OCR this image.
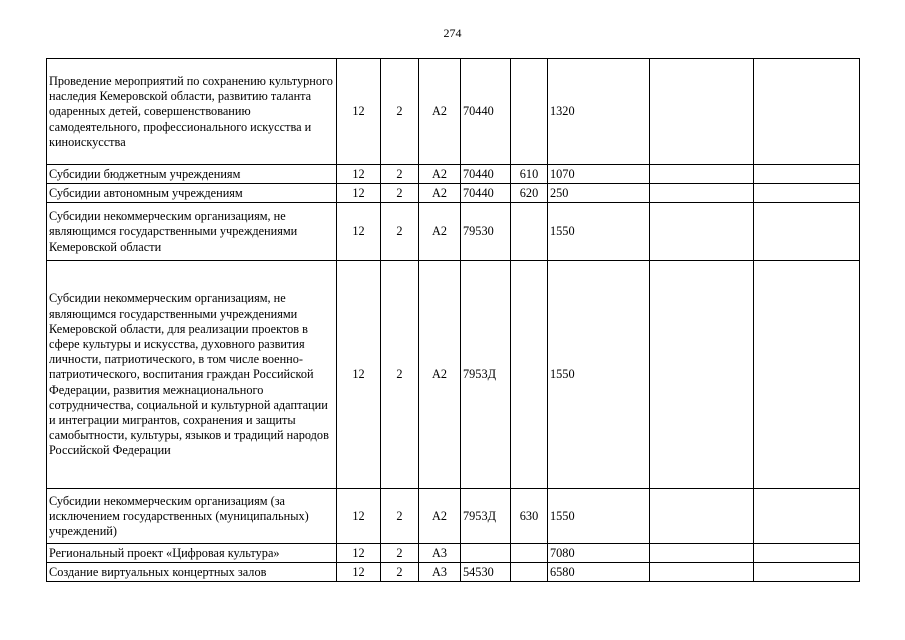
274
Проведение мероприятий по сохранению культурного наследия Кемеровской области, развитию таланта одаренных детей, совершенствованию самодеятельного, профессионального искусства и киноискусства	12	2	А2	70440		1320		
Субсидии бюджетным учреждениям	12	2	А2	70440	610	1070		
Субсидии автономным учреждениям	12	2	А2	70440	620	250		
Субсидии некоммерческим организациям, не являющимся государственными учреждениями Кемеровской области	12	2	А2	79530		1550		
Субсидии некоммерческим организациям, не являющимся государственными учреждениями Кемеровской области, для реализации проектов в сфере культуры и искусства, духовного развития личности, патриотического, в том числе военно-патриотического, воспитания граждан Российской Федерации, развития межнационального сотрудничества, социальной и культурной адаптации и интеграции мигрантов, сохранения и защиты самобытности, культуры, языков и традиций народов Российской Федерации	12	2	А2	7953Д		1550		
Субсидии некоммерческим организациям (за исключением государственных (муниципальных) учреждений)	12	2	А2	7953Д	630	1550		
Региональный проект «Цифровая культура»	12	2	А3			7080		
Создание виртуальных концертных залов	12	2	А3	54530		6580		
